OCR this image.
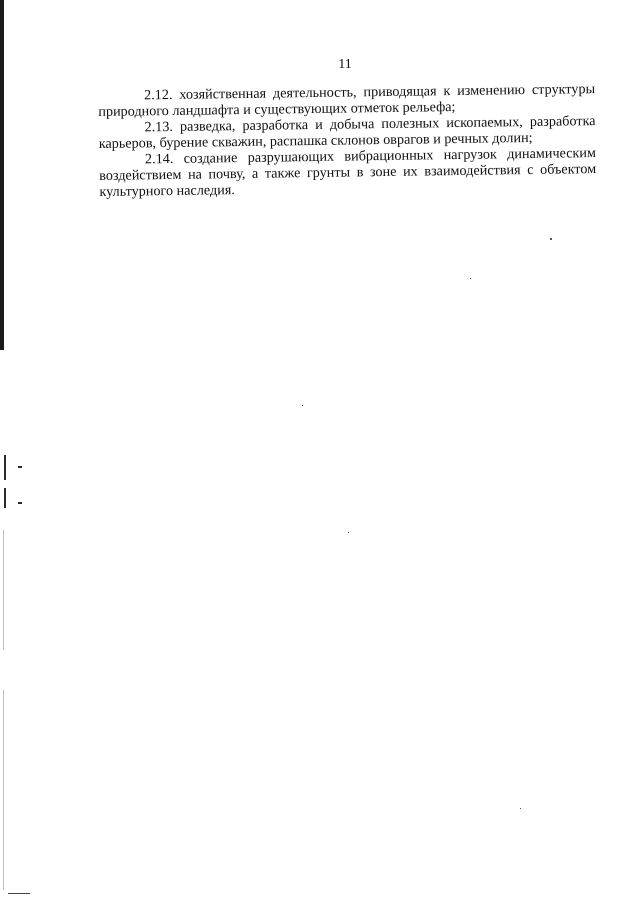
11

2.12. хозяйственная деятельность, приводящая к изменению структуры природного ландшафта и существующих отметок рельефа;

2.13. разведка, разработка и добыча полезных ископаемых, разработка карьеров, бурение скважин, распашка склонов оврагов и речных долин;

2.14. создание разрушающих вибрационных нагрузок динамическим воздействием на почву, а также грунты в зоне их взаимодействия с объектом культурного наследия.
